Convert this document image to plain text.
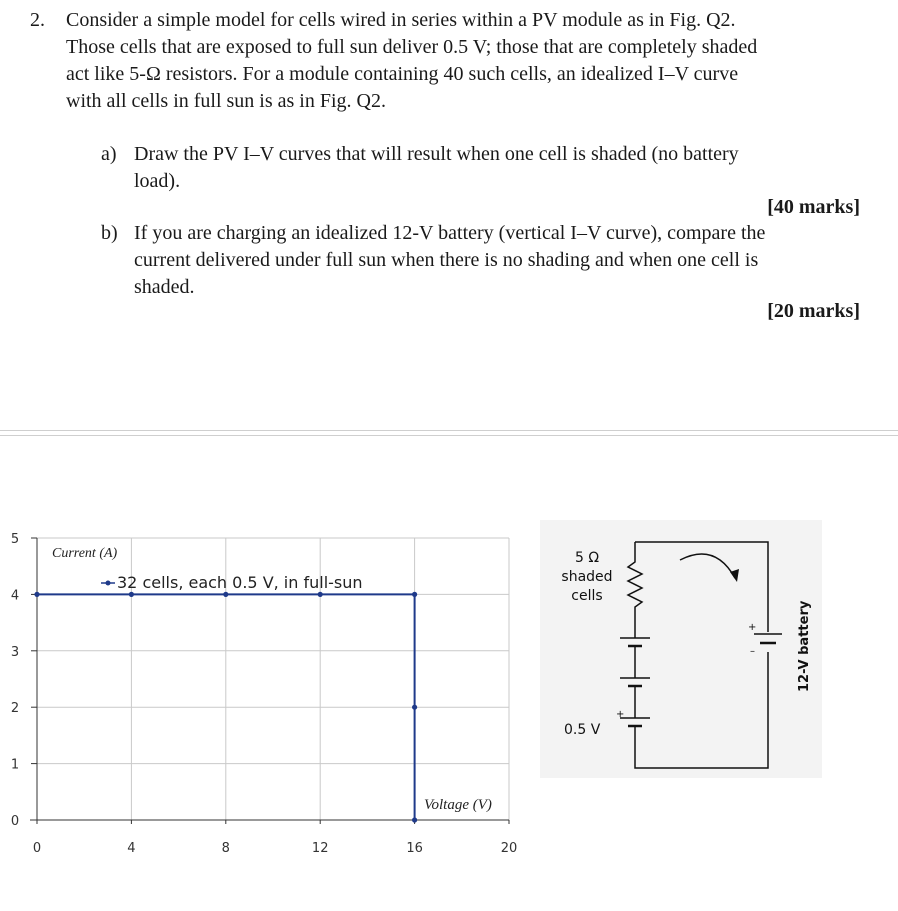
2. Consider a simple model for cells wired in series within a PV module as in Fig. Q2.
Those cells that are exposed to full sun deliver 0.5 V; those that are completely shaded
act like 5-Ω resistors. For a module containing 40 such cells, an idealized I–V curve
with all cells in full sun is as in Fig. Q2.
a) Draw the PV I–V curves that will result when one cell is shaded (no battery
load).
[40 marks]
b) If you are charging an idealized 12-V battery (vertical I–V curve), compare the
current delivered under full sun when there is no shading and when one cell is
shaded.
[20 marks]
0	4	8	12	16	20
0
1
2
3
4
5
Current (A)
32 cells, each 0.5 V, in full-sun
Voltage (V)
+
–
5 Ω
shaded
cells
0.5 V
+
12-V battery
